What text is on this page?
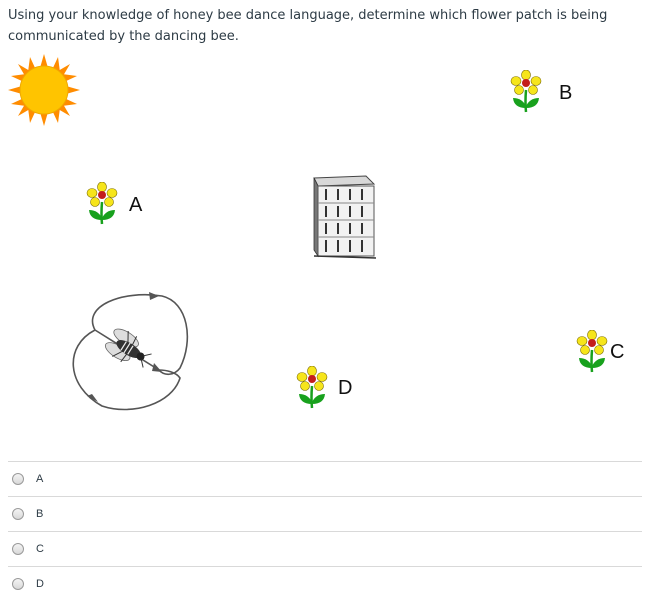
Using your knowledge of honey bee dance language, determine which flower patch is being communicated by the dancing bee.

A
B
C
D
A
B
C
D
